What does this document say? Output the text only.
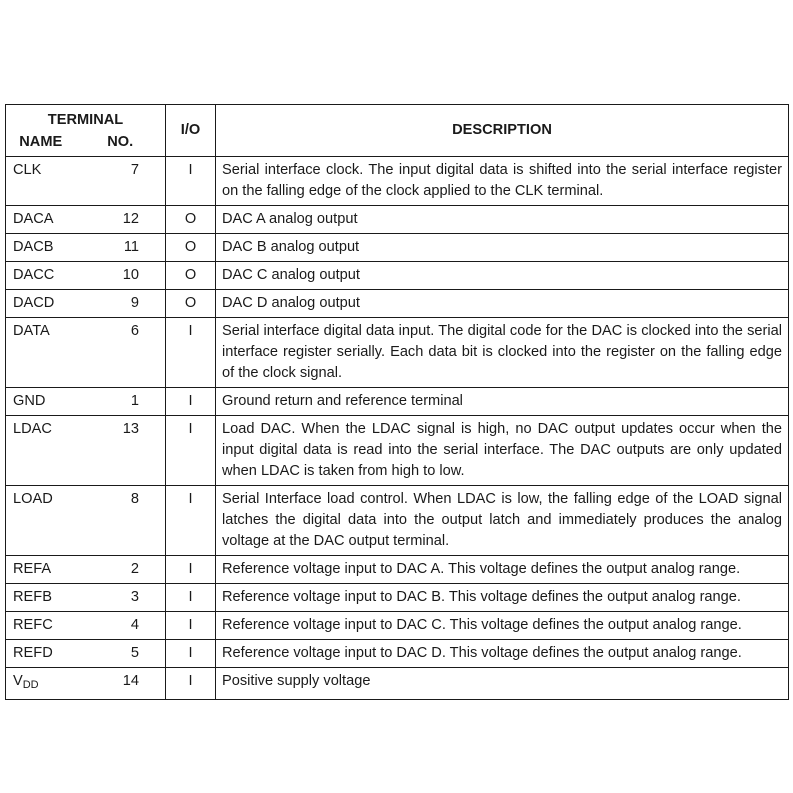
TERMINAL		I/O	DESCRIPTION
NAME	NO.		
CLK	7	I	Serial interface clock. The input digital data is shifted into the serial interface register on the falling edge of the clock applied to the CLK terminal.
DACA	12	O	DAC A analog output
DACB	11	O	DAC B analog output
DACC	10	O	DAC C analog output
DACD	9	O	DAC D analog output
DATA	6	I	Serial interface digital data input. The digital code for the DAC is clocked into the serial interface register serially. Each data bit is clocked into the register on the falling edge of the clock signal.
GND	1	I	Ground return and reference terminal
LDAC	13	I	Load DAC. When the LDAC signal is high, no DAC output updates occur when the input digital data is read into the serial interface. The DAC outputs are only updated when LDAC is taken from high to low.
LOAD	8	I	Serial Interface load control. When LDAC is low, the falling edge of the LOAD signal latches the digital data into the output latch and immediately produces the analog voltage at the DAC output terminal.
REFA	2	I	Reference voltage input to DAC A. This voltage defines the output analog range.
REFB	3	I	Reference voltage input to DAC B. This voltage defines the output analog range.
REFC	4	I	Reference voltage input to DAC C. This voltage defines the output analog range.
REFD	5	I	Reference voltage input to DAC D. This voltage defines the output analog range.
$V_{DD}$	14	I	Positive supply voltage
